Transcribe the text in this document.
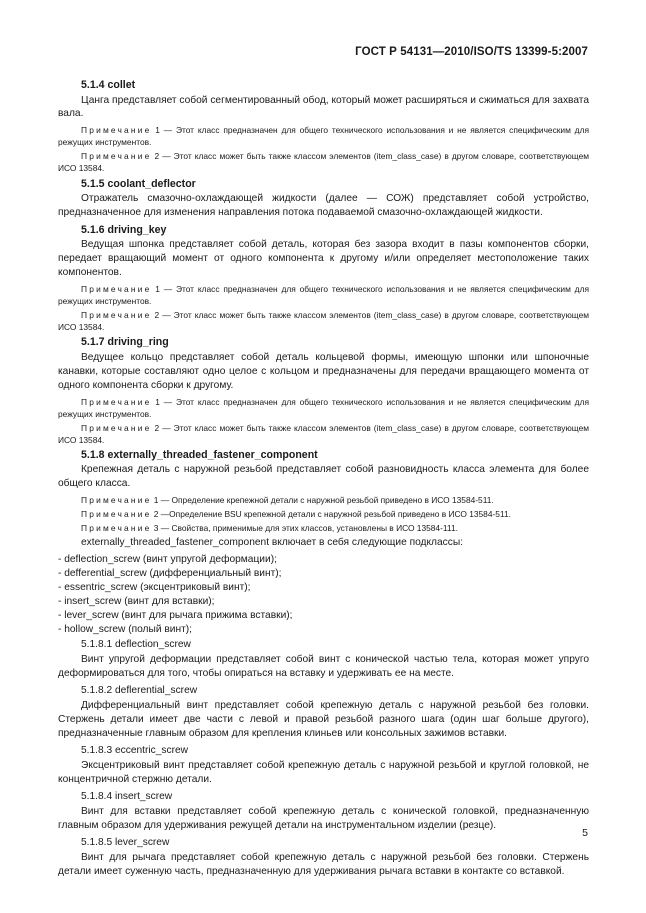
ГОСТ Р 54131—2010/ISO/TS 13399-5:2007
5.1.4 collet
Цанга представляет собой сегментированный обод, который может расширяться и сжиматься для захвата вала.
Примечание 1 — Этот класс предназначен для общего технического использования и не является специфическим для режущих инструментов.
Примечание 2 — Этот класс может быть также классом элементов (item_class_case) в другом словаре, соответствующем ИСО 13584.
5.1.5 coolant_deflector
Отражатель смазочно-охлаждающей жидкости (далее — СОЖ) представляет собой устройство, предназначенное для изменения направления потока подаваемой смазочно-охлаждающей жидкости.
5.1.6 driving_key
Ведущая шпонка представляет собой деталь, которая без зазора входит в пазы компонентов сборки, передает вращающий момент от одного компонента к другому и/или определяет местоположение таких компонентов.
Примечание 1 — Этот класс предназначен для общего технического использования и не является специфическим для режущих инструментов.
Примечание 2 — Этот класс может быть также классом элементов (item_class_case) в другом словаре, соответствующем ИСО 13584.
5.1.7 driving_ring
Ведущее кольцо представляет собой деталь кольцевой формы, имеющую шпонки или шпоночные канавки, которые составляют одно целое с кольцом и предназначены для передачи вращающего момента от одного компонента сборки к другому.
Примечание 1 — Этот класс предназначен для общего технического использования и не является специфическим для режущих инструментов.
Примечание 2 — Этот класс может быть также классом элементов (item_class_case) в другом словаре, соответствующем ИСО 13584.
5.1.8 externally_threaded_fastener_component
Крепежная деталь с наружной резьбой представляет собой разновидность класса элемента для более общего класса.
Примечание 1 — Определение крепежной детали с наружной резьбой приведено в ИСО 13584-511.
Примечание 2 —Определение BSU крепежной детали с наружной резьбой приведено в ИСО 13584-511.
Примечание 3 — Свойства, применимые для этих классов, установлены в ИСО 13584-111.
externally_threaded_fastener_component включает в себя следующие подклассы:
- deflection_screw (винт упругой деформации);
- defferential_screw (дифференциальный винт);
- essentric_screw (эксцентриковый винт);
- insert_screw (винт для вставки);
- lever_screw (винт для рычага прижима вставки);
- hollow_screw (полый винт);
5.1.8.1 deflection_screw
Винт упругой деформации представляет собой винт с конической частью тела, которая может упруго деформироваться для того, чтобы опираться на вставку и удерживать ее на месте.
5.1.8.2 deflerential_screw
Дифференциальный винт представляет собой крепежную деталь с наружной резьбой без головки. Стержень детали имеет две части с левой и правой резьбой разного шага (один шаг больше другого), предназначенные главным образом для крепления клиньев или консольных зажимов вставки.
5.1.8.3 eccentric_screw
Эксцентриковый винт представляет собой крепежную деталь с наружной резьбой и круглой головкой, не концентричной стержню детали.
5.1.8.4 insert_screw
Винт для вставки представляет собой крепежную деталь с конической головкой, предназначенную главным образом для удерживания режущей детали на инструментальном изделии (резце).
5.1.8.5 lever_screw
Винт для рычага представляет собой крепежную деталь с наружной резьбой без головки. Стержень детали имеет суженную часть, предназначенную для удерживания рычага вставки в контакте со вставкой.
5
